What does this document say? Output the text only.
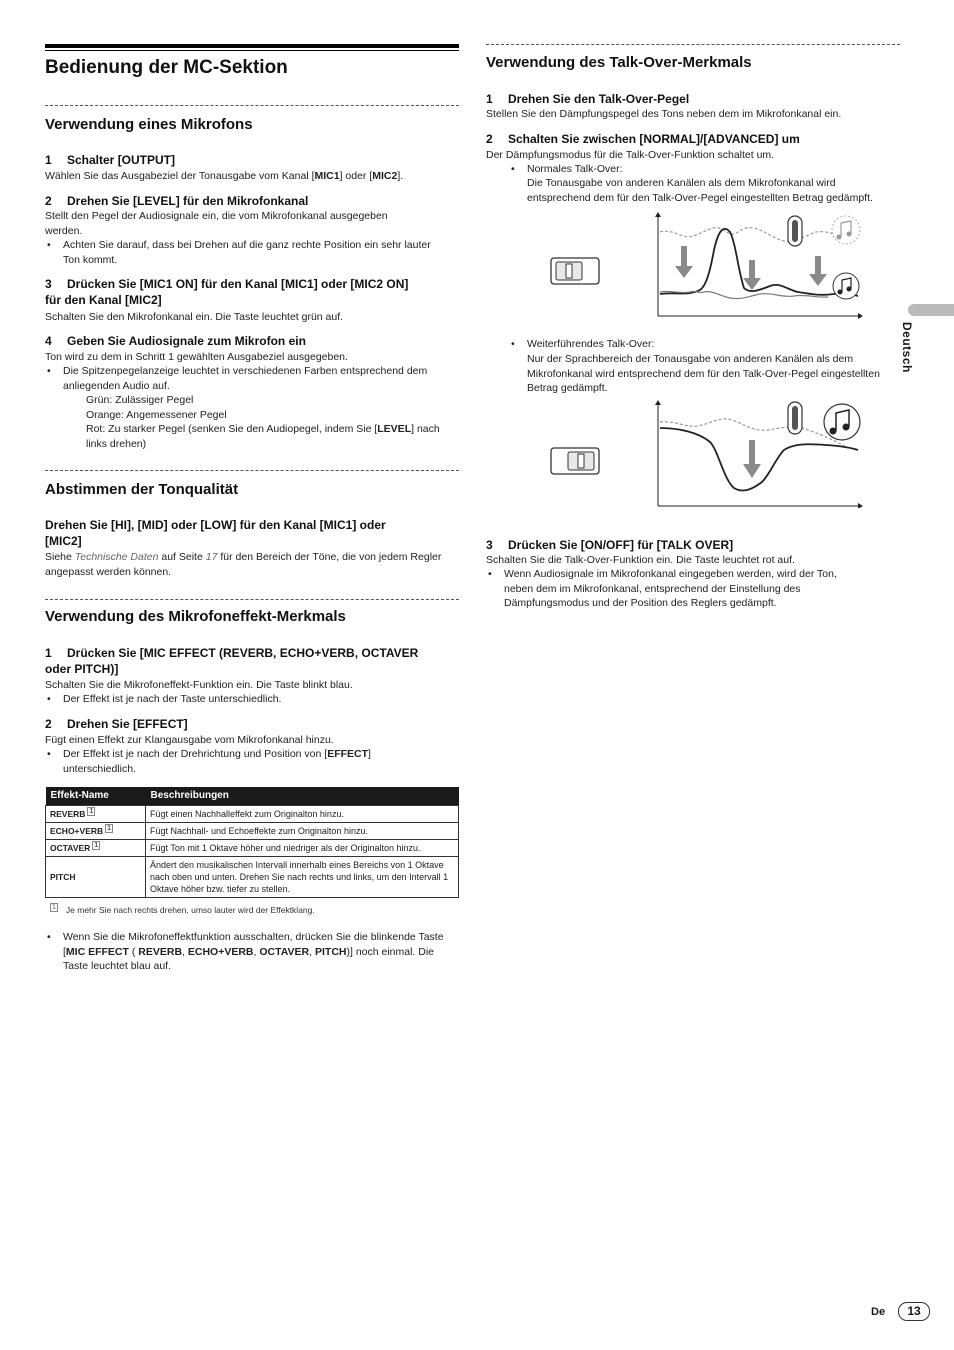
Bedienung der MC-Sektion
Verwendung eines Mikrofons
1 Schalter [OUTPUT]
Wählen Sie das Ausgabeziel der Tonausgabe vom Kanal [MIC1] oder [MIC2].
2 Drehen Sie [LEVEL] für den Mikrofonkanal
Stellt den Pegel der Audiosignale ein, die vom Mikrofonkanal ausgegeben werden.
• Achten Sie darauf, dass bei Drehen auf die ganz rechte Position ein sehr lauter Ton kommt.
3 Drücken Sie [MIC1 ON] für den Kanal [MIC1] oder [MIC2 ON]
für den Kanal [MIC2]
Schalten Sie den Mikrofonkanal ein. Die Taste leuchtet grün auf.
4 Geben Sie Audiosignale zum Mikrofon ein
Ton wird zu dem in Schritt 1 gewählten Ausgabeziel ausgegeben.
• Die Spitzenpegelanzeige leuchtet in verschiedenen Farben entsprechend dem anliegenden Audio auf.
Grün: Zulässiger Pegel
Orange: Angemessener Pegel
Rot: Zu starker Pegel (senken Sie den Audiopegel, indem Sie [LEVEL] nach links drehen)
Abstimmen der Tonqualität
Drehen Sie [HI], [MID] oder [LOW] für den Kanal [MIC1] oder
[MIC2]
Siehe Technische Daten auf Seite 17 für den Bereich der Töne, die von jedem Regler angepasst werden können.
Verwendung des Mikrofoneffekt-Merkmals
1 Drücken Sie [MIC EFFECT (REVERB, ECHO+VERB, OCTAVER
oder PITCH)]
Schalten Sie die Mikrofoneffekt-Funktion ein. Die Taste blinkt blau.
• Der Effekt ist je nach der Taste unterschiedlich.
2 Drehen Sie [EFFECT]
Fügt einen Effekt zur Klangausgabe vom Mikrofonkanal hinzu.
• Der Effekt ist je nach der Drehrichtung und Position von [EFFECT] unterschiedlich.
Effekt-Name	Beschreibungen
REVERB $^1$	Fügt einen Nachhalleffekt zum Originalton hinzu.
ECHO+VERB $^1$	Fügt Nachhall- und Echoeffekte zum Originalton hinzu.
OCTAVER $^1$	Fügt Ton mit 1 Oktave höher und niedriger als der Originalton hinzu.
PITCH	Ändert den musikalischen Intervall innerhalb eines Bereichs von 1 Oktave nach oben und unten. Drehen Sie nach rechts und links, um den Intervall 1 Oktave höher bzw. tiefer zu stellen.
$^1$ Je mehr Sie nach rechts drehen, umso lauter wird der Effektklang.
• Wenn Sie die Mikrofoneffektfunktion ausschalten, drücken Sie die blinkende Taste [MIC EFFECT ( REVERB, ECHO+VERB, OCTAVER, PITCH)] noch einmal. Die Taste leuchtet blau auf.
Verwendung des Talk-Over-Merkmals
1 Drehen Sie den Talk-Over-Pegel
Stellen Sie den Dämpfungspegel des Tons neben dem im Mikrofonkanal ein.
2 Schalten Sie zwischen [NORMAL]/[ADVANCED] um
Der Dämpfungsmodus für die Talk-Over-Funktion schaltet um.
• Normales Talk-Over:
Die Tonausgabe von anderen Kanälen als dem Mikrofonkanal wird entsprechend dem für den Talk-Over-Pegel eingestellten Betrag gedämpft.
• Weiterführendes Talk-Over:
Nur der Sprachbereich der Tonausgabe von anderen Kanälen als dem Mikrofonkanal wird entsprechend dem für den Talk-Over-Pegel eingestellten Betrag gedämpft.
3 Drücken Sie [ON/OFF] für [TALK OVER]
Schalten Sie die Talk-Over-Funktion ein. Die Taste leuchtet rot auf.
• Wenn Audiosignale im Mikrofonkanal eingegeben werden, wird der Ton, neben dem im Mikrofonkanal, entsprechend der Einstellung des Dämpfungsmodus und der Position des Reglers gedämpft.
Deutsch
De	13
